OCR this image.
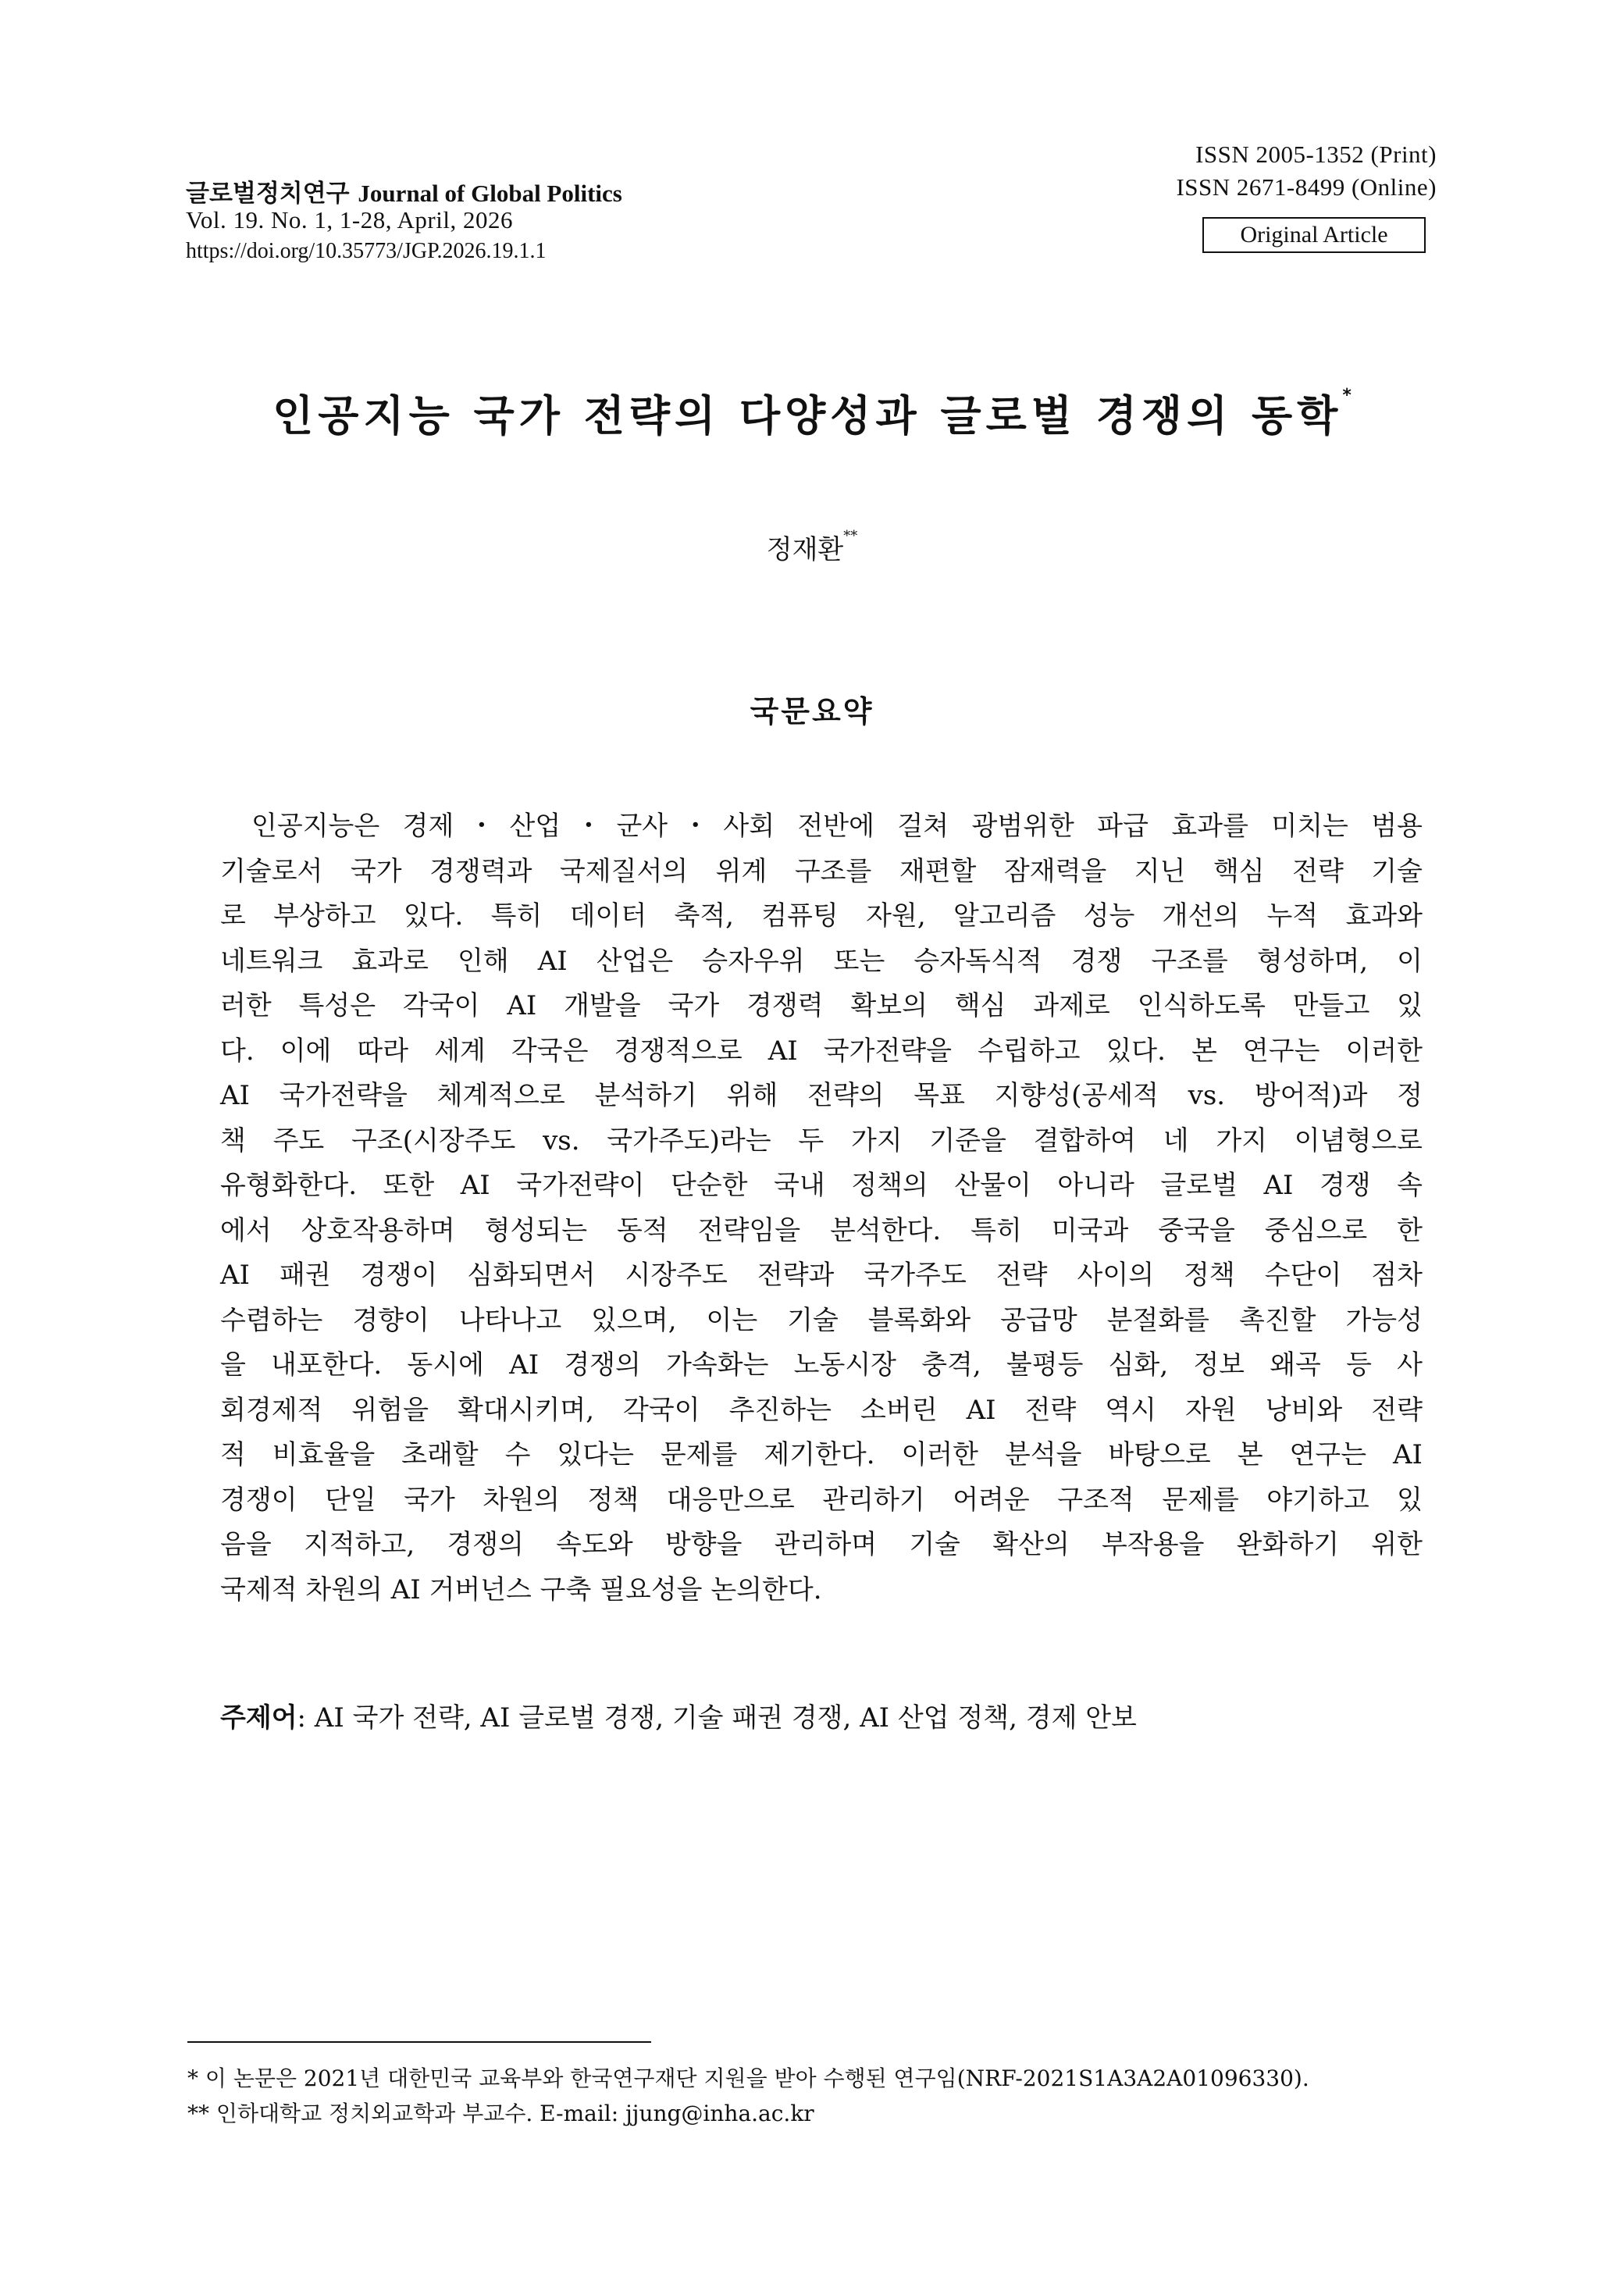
글로벌정치연구 Journal of Global Politics
Vol. 19. No. 1, 1-28, April, 2026
https://doi.org/10.35773/JGP.2026.19.1.1
ISSN 2005-1352 (Print)
ISSN 2671-8499 (Online)
Original Article
인공지능 국가 전략의 다양성과 글로벌 경쟁의 동학*
정재환**
국문요약
인공지능은 경제・산업・군사・사회 전반에 걸쳐 광범위한 파급 효과를 미치는 범용
기술로서 국가 경쟁력과 국제질서의 위계 구조를 재편할 잠재력을 지닌 핵심 전략 기술
로 부상하고 있다. 특히 데이터 축적, 컴퓨팅 자원, 알고리즘 성능 개선의 누적 효과와
네트워크 효과로 인해 AI 산업은 승자우위 또는 승자독식적 경쟁 구조를 형성하며, 이
러한 특성은 각국이 AI 개발을 국가 경쟁력 확보의 핵심 과제로 인식하도록 만들고 있
다. 이에 따라 세계 각국은 경쟁적으로 AI 국가전략을 수립하고 있다. 본 연구는 이러한
AI 국가전략을 체계적으로 분석하기 위해 전략의 목표 지향성(공세적 vs. 방어적)과 정
책 주도 구조(시장주도 vs. 국가주도)라는 두 가지 기준을 결합하여 네 가지 이념형으로
유형화한다. 또한 AI 국가전략이 단순한 국내 정책의 산물이 아니라 글로벌 AI 경쟁 속
에서 상호작용하며 형성되는 동적 전략임을 분석한다. 특히 미국과 중국을 중심으로 한
AI 패권 경쟁이 심화되면서 시장주도 전략과 국가주도 전략 사이의 정책 수단이 점차
수렴하는 경향이 나타나고 있으며, 이는 기술 블록화와 공급망 분절화를 촉진할 가능성
을 내포한다. 동시에 AI 경쟁의 가속화는 노동시장 충격, 불평등 심화, 정보 왜곡 등 사
회경제적 위험을 확대시키며, 각국이 추진하는 소버린 AI 전략 역시 자원 낭비와 전략
적 비효율을 초래할 수 있다는 문제를 제기한다. 이러한 분석을 바탕으로 본 연구는 AI
경쟁이 단일 국가 차원의 정책 대응만으로 관리하기 어려운 구조적 문제를 야기하고 있
음을 지적하고, 경쟁의 속도와 방향을 관리하며 기술 확산의 부작용을 완화하기 위한
국제적 차원의 AI 거버넌스 구축 필요성을 논의한다.
주제어: AI 국가 전략, AI 글로벌 경쟁, 기술 패권 경쟁, AI 산업 정책, 경제 안보
* 이 논문은 2021년 대한민국 교육부와 한국연구재단 지원을 받아 수행된 연구임(NRF-2021S1A3A2A01096330).
** 인하대학교 정치외교학과 부교수. E-mail: jjung@inha.ac.kr
